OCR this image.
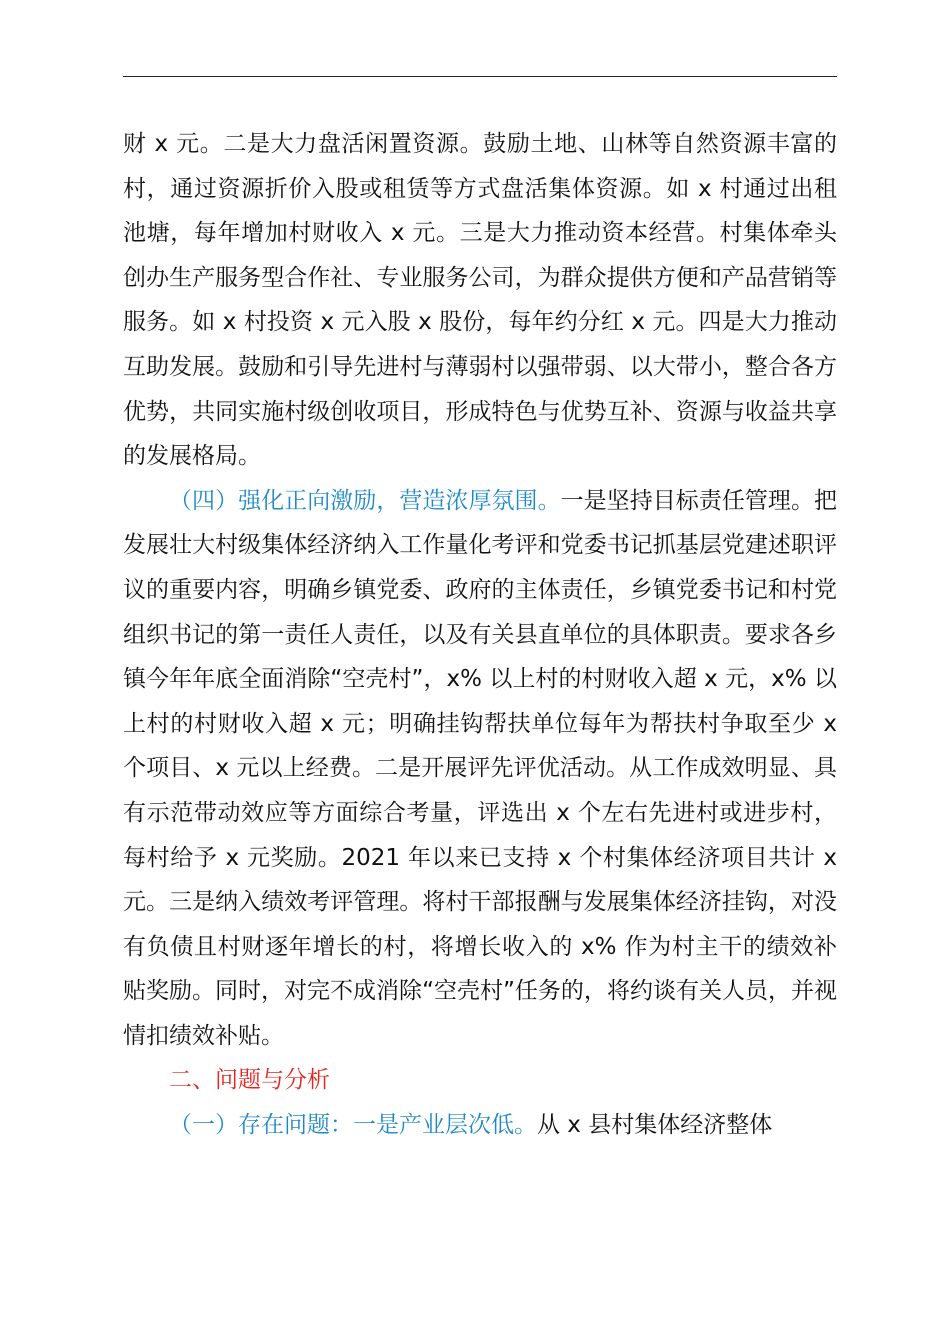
财 x 元。二是大力盘活闲置资源。鼓励土地、山林等自然资源丰富的村，通过资源折价入股或租赁等方式盘活集体资源。如 x 村通过出租池塘，每年增加村财收入 x 元。三是大力推动资本经营。村集体牵头创办生产服务型合作社、专业服务公司，为群众提供方便和产品营销等服务。如 x 村投资 x 元入股 x 股份，每年约分红 x 元。四是大力推动互助发展。鼓励和引导先进村与薄弱村以强带弱、以大带小，整合各方优势，共同实施村级创收项目，形成特色与优势互补、资源与收益共享的发展格局。

（四）强化正向激励，营造浓厚氛围。一是坚持目标责任管理。把发展壮大村级集体经济纳入工作量化考评和党委书记抓基层党建述职评议的重要内容，明确乡镇党委、政府的主体责任，乡镇党委书记和村党组织书记的第一责任人责任，以及有关县直单位的具体职责。要求各乡镇今年年底全面消除“空壳村”，x% 以上村的村财收入超 x 元，x% 以上村的村财收入超 x 元；明确挂钩帮扶单位每年为帮扶村争取至少 x 个项目、x 元以上经费。二是开展评先评优活动。从工作成效明显、具有示范带动效应等方面综合考量，评选出 x 个左右先进村或进步村，每村给予 x 元奖励。2021 年以来已支持 x 个村集体经济项目共计 x 元。三是纳入绩效考评管理。将村干部报酬与发展集体经济挂钩，对没有负债且村财逐年增长的村，将增长收入的 x% 作为村主干的绩效补贴奖励。同时，对完不成消除“空壳村”任务的，将约谈有关人员，并视情扣绩效补贴。

二、问题与分析

（一）存在问题：一是产业层次低。从 x 县村集体经济整体
